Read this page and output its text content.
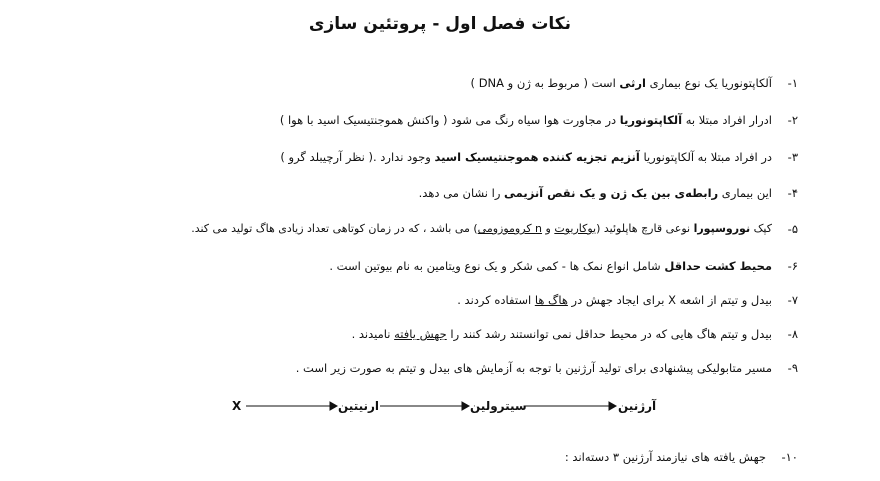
نکات فصل اول - پروتئین سازی
-۱
آلکاپتونوریا یک نوع بیماری ارثی است ( مربوط به ژن و DNA )
-۲
ادرار افراد مبتلا به آلکاپتونوریا در مجاورت هوا سیاه رنگ می شود ( واکنش هموجنتیسیک اسید با هوا )
-۳
در افراد مبتلا به آلکاپتونوریا آنزیم تجزیه کننده هموجنتیسیک اسید وجود ندارد .( نظر آرچیبلد گرو )
-۴
این بیماری رابطه‌ی بین یک ژن و یک نقص آنزیمی را نشان می دهد.
-۵
کپک نوروسپورا نوعی قارچ هاپلوئید (یوکاریوت و n کروموزومی) می باشد ، که در زمان کوتاهی تعداد زیادی هاگ تولید می کند.
-۶
محیط کشت حداقل شامل انواع نمک ها - کمی شکر و یک نوع ویتامین به نام بیوتین است .
-۷
بیدل و تیتم از اشعه X برای ایجاد جهش در هاگ ها استفاده کردند .
-۸
بیدل و تیتم هاگ هایی که در محیط حداقل نمی توانستند رشد کنند را جهش یافته نامیدند .
-۹
مسیر متابولیکی پیشنهادی برای تولید آرژنین با توجه به آزمایش های بیدل و تیتم به صورت زیر است .
X	ارنیتین	سیترولین	آرژنین
-۱۰
جهش یافته های نیازمند آرژنین ۳ دسته‌اند :
